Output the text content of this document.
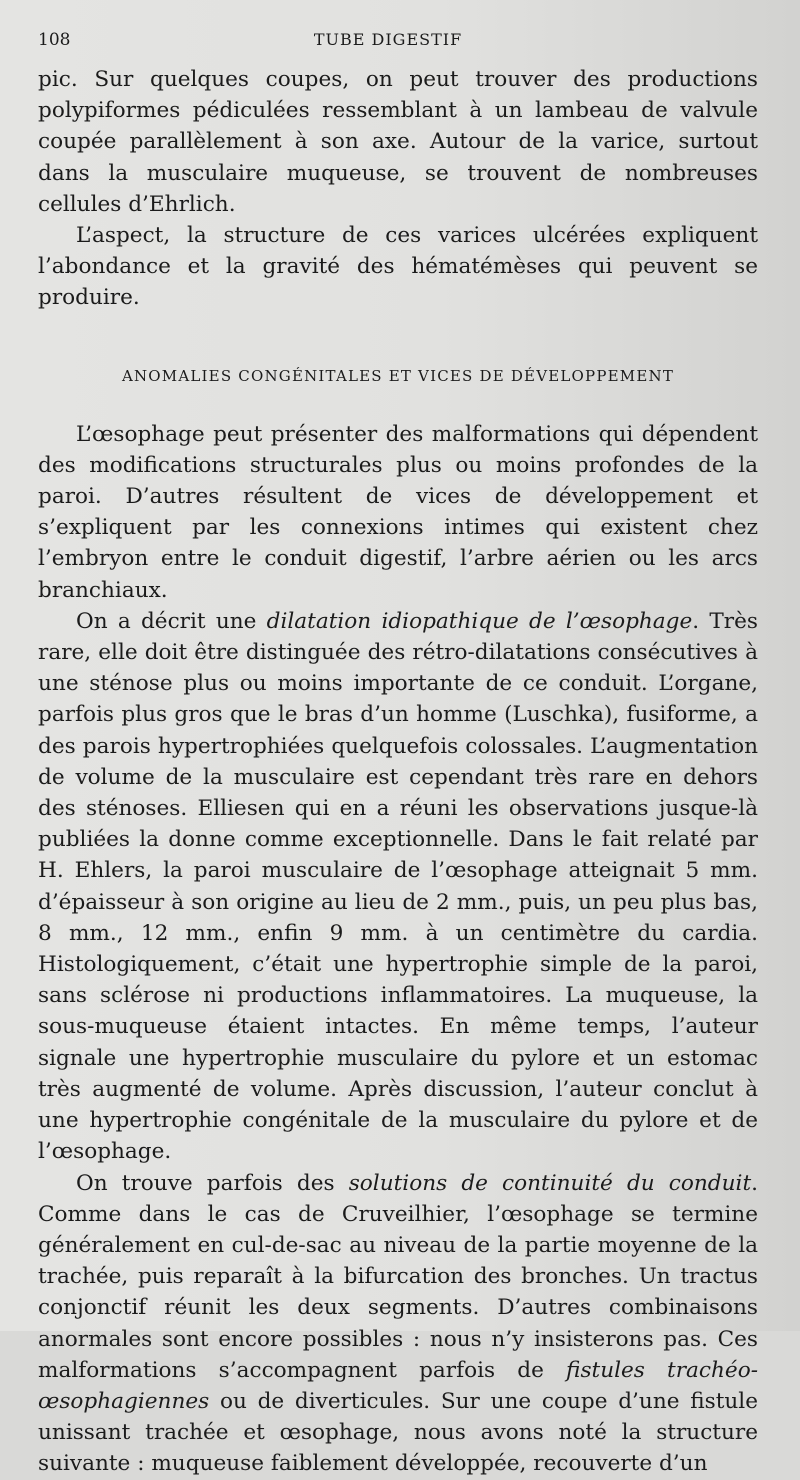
108	TUBE DIGESTIF

pic. Sur quelques coupes, on peut trouver des productions polypiformes pédiculées ressemblant à un lambeau de valvule coupée parallèlement à son axe. Autour de la varice, surtout dans la musculaire muqueuse, se trouvent de nombreuses cellules d’Ehrlich.

L’aspect, la structure de ces varices ulcérées expliquent l’abondance et la gravité des hématémèses qui peuvent se produire.

ANOMALIES CONGÉNITALES ET VICES DE DÉVELOPPEMENT

L’œsophage peut présenter des malformations qui dépendent des modifications structurales plus ou moins profondes de la paroi. D’autres résultent de vices de développement et s’expliquent par les connexions intimes qui existent chez l’embryon entre le conduit digestif, l’arbre aérien ou les arcs branchiaux.

On a décrit une dilatation idiopathique de l’œsophage. Très rare, elle doit être distinguée des rétro-dilatations consécutives à une sténose plus ou moins importante de ce conduit. L’organe, parfois plus gros que le bras d’un homme (Luschka), fusiforme, a des parois hypertrophiées quelquefois colossales. L’augmentation de volume de la musculaire est cependant très rare en dehors des sténoses. Elliesen qui en a réuni les observations jusque-là publiées la donne comme exceptionnelle. Dans le fait relaté par H. Ehlers, la paroi musculaire de l’œsophage atteignait 5 mm. d’épaisseur à son origine au lieu de 2 mm., puis, un peu plus bas, 8 mm., 12 mm., enfin 9 mm. à un centimètre du cardia. Histologiquement, c’était une hypertrophie simple de la paroi, sans sclérose ni productions inflammatoires. La muqueuse, la sous-muqueuse étaient intactes. En même temps, l’auteur signale une hypertrophie musculaire du pylore et un estomac très augmenté de volume. Après discussion, l’auteur conclut à une hypertrophie congénitale de la musculaire du pylore et de l’œsophage.

On trouve parfois des solutions de continuité du conduit. Comme dans le cas de Cruveilhier, l’œsophage se termine généralement en cul-de-sac au niveau de la partie moyenne de la trachée, puis reparaît à la bifurcation des bronches. Un tractus conjonctif réunit les deux segments. D’autres combinaisons anormales sont encore possibles : nous n’y insisterons pas. Ces malformations s’accompagnent parfois de fistules trachéo-œsophagiennes ou de diverticules. Sur une coupe d’une fistule unissant trachée et œsophage, nous avons noté la structure suivante : muqueuse faiblement développée, recouverte d’un
